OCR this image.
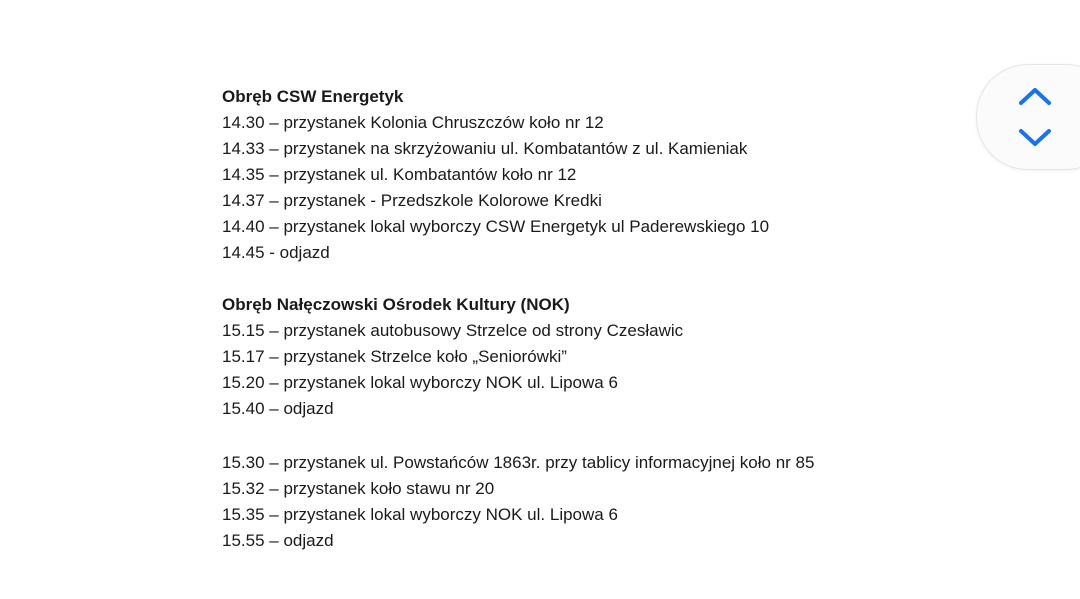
Obręb CSW Energetyk

14.30 – przystanek Kolonia Chruszczów koło nr 12
14.33 – przystanek na skrzyżowaniu ul. Kombatantów z ul. Kamieniak
14.35 – przystanek ul. Kombatantów koło nr 12
14.37 – przystanek - Przedszkole Kolorowe Kredki
14.40 – przystanek lokal wyborczy CSW Energetyk ul Paderewskiego 10
14.45 - odjazd

Obręb Nałęczowski Ośrodek Kultury (NOK)

15.15 – przystanek autobusowy Strzelce od strony Czesławic
15.17 – przystanek Strzelce koło „Seniorówki”
15.20 – przystanek lokal wyborczy NOK ul. Lipowa 6
15.40 – odjazd
15.30 – przystanek ul. Powstańców 1863r. przy tablicy informacyjnej koło nr 85
15.32 – przystanek koło stawu nr 20
15.35 – przystanek lokal wyborczy NOK ul. Lipowa 6
15.55 – odjazd
